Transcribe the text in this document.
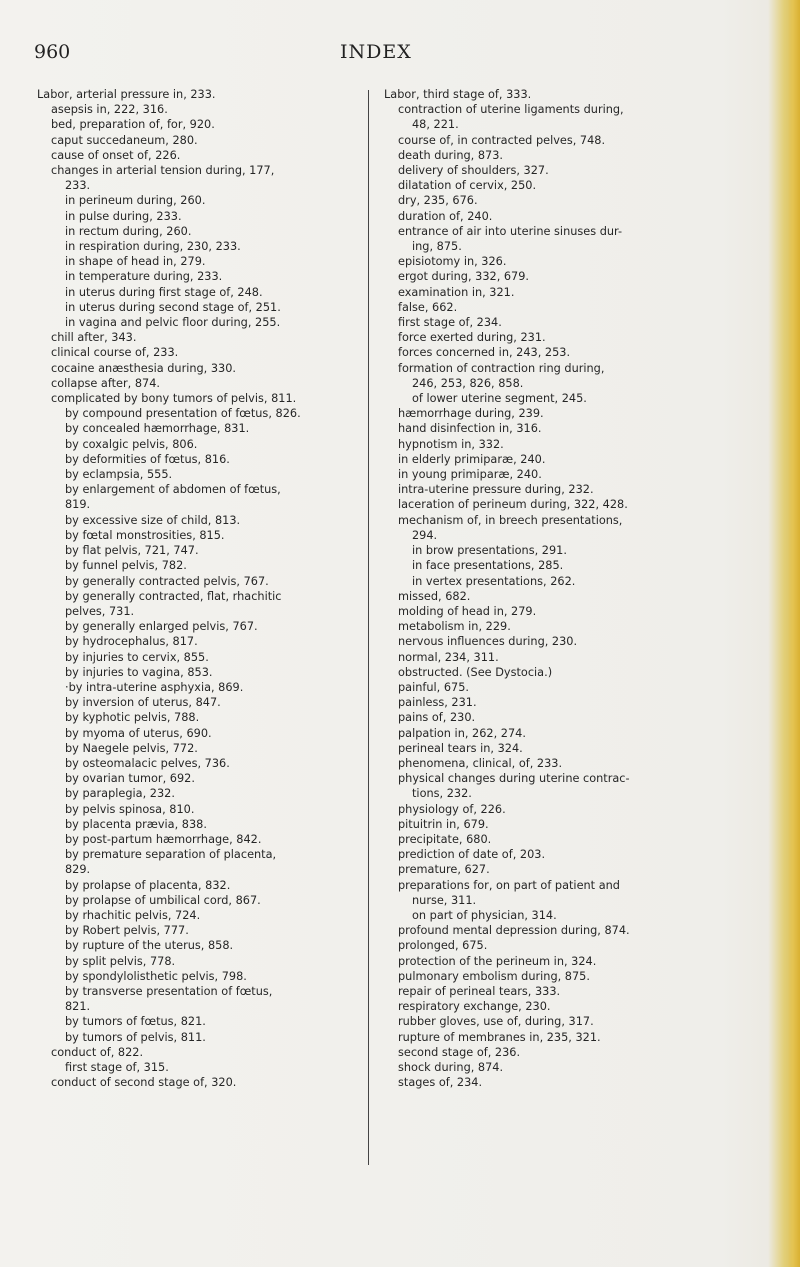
960	INDEX
Labor, arterial pressure in, 233.
asepsis in, 222, 316.
bed, preparation of, for, 920.
caput succedaneum, 280.
cause of onset of, 226.
changes in arterial tension during, 177,
233.
in perineum during, 260.
in pulse during, 233.
in rectum during, 260.
in respiration during, 230, 233.
in shape of head in, 279.
in temperature during, 233.
in uterus during first stage of, 248.
in uterus during second stage of, 251.
in vagina and pelvic floor during, 255.
chill after, 343.
clinical course of, 233.
cocaine anæsthesia during, 330.
collapse after, 874.
complicated by bony tumors of pelvis, 811.
by compound presentation of fœtus, 826.
by concealed hæmorrhage, 831.
by coxalgic pelvis, 806.
by deformities of fœtus, 816.
by eclampsia, 555.
by enlargement of abdomen of fœtus,
819.
by excessive size of child, 813.
by fœtal monstrosities, 815.
by flat pelvis, 721, 747.
by funnel pelvis, 782.
by generally contracted pelvis, 767.
by generally contracted, flat, rhachitic
pelves, 731.
by generally enlarged pelvis, 767.
by hydrocephalus, 817.
by injuries to cervix, 855.
by injuries to vagina, 853.
·by intra-uterine asphyxia, 869.
by inversion of uterus, 847.
by kyphotic pelvis, 788.
by myoma of uterus, 690.
by Naegele pelvis, 772.
by osteomalacic pelves, 736.
by ovarian tumor, 692.
by paraplegia, 232.
by pelvis spinosa, 810.
by placenta prævia, 838.
by post-partum hæmorrhage, 842.
by premature separation of placenta,
829.
by prolapse of placenta, 832.
by prolapse of umbilical cord, 867.
by rhachitic pelvis, 724.
by Robert pelvis, 777.
by rupture of the uterus, 858.
by split pelvis, 778.
by spondylolisthetic pelvis, 798.
by transverse presentation of fœtus,
821.
by tumors of fœtus, 821.
by tumors of pelvis, 811.
conduct of, 822.
first stage of, 315.
conduct of second stage of, 320.
Labor, third stage of, 333.
contraction of uterine ligaments during,
48, 221.
course of, in contracted pelves, 748.
death during, 873.
delivery of shoulders, 327.
dilatation of cervix, 250.
dry, 235, 676.
duration of, 240.
entrance of air into uterine sinuses dur-
ing, 875.
episiotomy in, 326.
ergot during, 332, 679.
examination in, 321.
false, 662.
first stage of, 234.
force exerted during, 231.
forces concerned in, 243, 253.
formation of contraction ring during,
246, 253, 826, 858.
of lower uterine segment, 245.
hæmorrhage during, 239.
hand disinfection in, 316.
hypnotism in, 332.
in elderly primiparæ, 240.
in young primiparæ, 240.
intra-uterine pressure during, 232.
laceration of perineum during, 322, 428.
mechanism of, in breech presentations,
294.
in brow presentations, 291.
in face presentations, 285.
in vertex presentations, 262.
missed, 682.
molding of head in, 279.
metabolism in, 229.
nervous influences during, 230.
normal, 234, 311.
obstructed. (See Dystocia.)
painful, 675.
painless, 231.
pains of, 230.
palpation in, 262, 274.
perineal tears in, 324.
phenomena, clinical, of, 233.
physical changes during uterine contrac-
tions, 232.
physiology of, 226.
pituitrin in, 679.
precipitate, 680.
prediction of date of, 203.
premature, 627.
preparations for, on part of patient and
nurse, 311.
on part of physician, 314.
profound mental depression during, 874.
prolonged, 675.
protection of the perineum in, 324.
pulmonary embolism during, 875.
repair of perineal tears, 333.
respiratory exchange, 230.
rubber gloves, use of, during, 317.
rupture of membranes in, 235, 321.
second stage of, 236.
shock during, 874.
stages of, 234.
